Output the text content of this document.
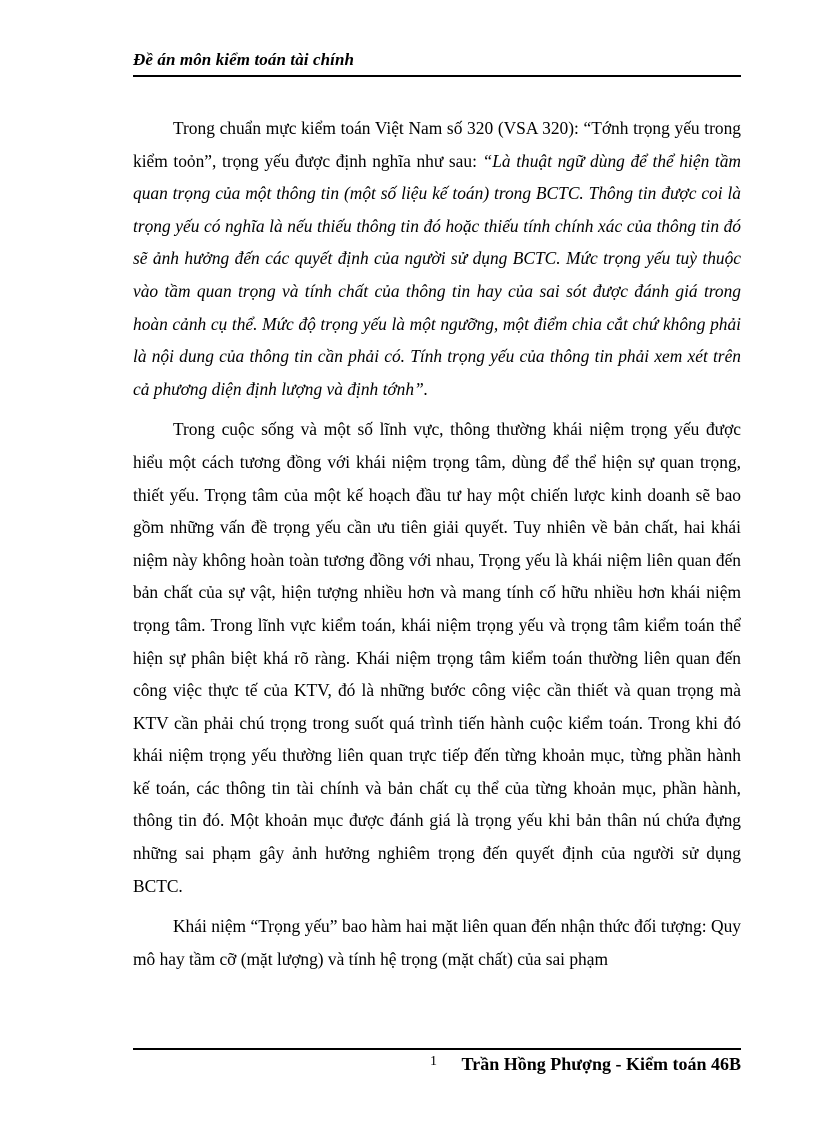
Đề án môn kiểm toán tài chính

Trong chuẩn mực kiểm toán Việt Nam số 320 (VSA 320): “Tớnh trọng yếu trong kiểm toỏn”, trọng yếu được định nghĩa như sau: “Là thuật ngữ dùng để thể hiện tầm quan trọng của một thông tin (một số liệu kế toán) trong BCTC. Thông tin được coi là trọng yếu có nghĩa là nếu thiếu thông tin đó hoặc thiếu tính chính xác của thông tin đó sẽ ảnh hưởng đến các quyết định của người sử dụng BCTC. Mức trọng yếu tuỳ thuộc vào tầm quan trọng và tính chất của thông tin hay của sai sót được đánh giá trong hoàn cảnh cụ thể. Mức độ trọng yếu là một ngưỡng, một điểm chia cắt chứ không phải là nội dung của thông tin cần phải có. Tính trọng yếu của thông tin phải xem xét trên cả phương diện định lượng và định tớnh”.

Trong cuộc sống và một số lĩnh vực, thông thường khái niệm trọng yếu được hiểu một cách tương đồng với khái niệm trọng tâm, dùng để thể hiện sự quan trọng, thiết yếu. Trọng tâm của một kế hoạch đầu tư hay một chiến lược kinh doanh sẽ bao gồm những vấn đề trọng yếu cần ưu tiên giải quyết. Tuy nhiên về bản chất, hai khái niệm này không hoàn toàn tương đồng với nhau, Trọng yếu là khái niệm liên quan đến bản chất của sự vật, hiện tượng nhiều hơn và mang tính cố hữu nhiều hơn khái niệm trọng tâm. Trong lĩnh vực kiểm toán, khái niệm trọng yếu và trọng tâm kiểm toán thể hiện sự phân biệt khá rõ ràng. Khái niệm trọng tâm kiểm toán thường liên quan đến công việc thực tế của KTV, đó là những bước công việc cần thiết và quan trọng mà KTV cần phải chú trọng trong suốt quá trình tiến hành cuộc kiểm toán. Trong khi đó khái niệm trọng yếu thường liên quan trực tiếp đến từng khoản mục, từng phần hành kế toán, các thông tin tài chính và bản chất cụ thể của từng khoản mục, phần hành, thông tin đó. Một khoản mục được đánh giá là trọng yếu khi bản thân nú chứa đựng những sai phạm gây ảnh hưởng nghiêm trọng đến quyết định của người sử dụng BCTC.

Khái niệm “Trọng yếu” bao hàm hai mặt liên quan đến nhận thức đối tượng: Quy mô hay tầm cỡ (mặt lượng) và tính hệ trọng (mặt chất) của sai phạm

1 Trần Hồng Phượng - Kiểm toán 46B
